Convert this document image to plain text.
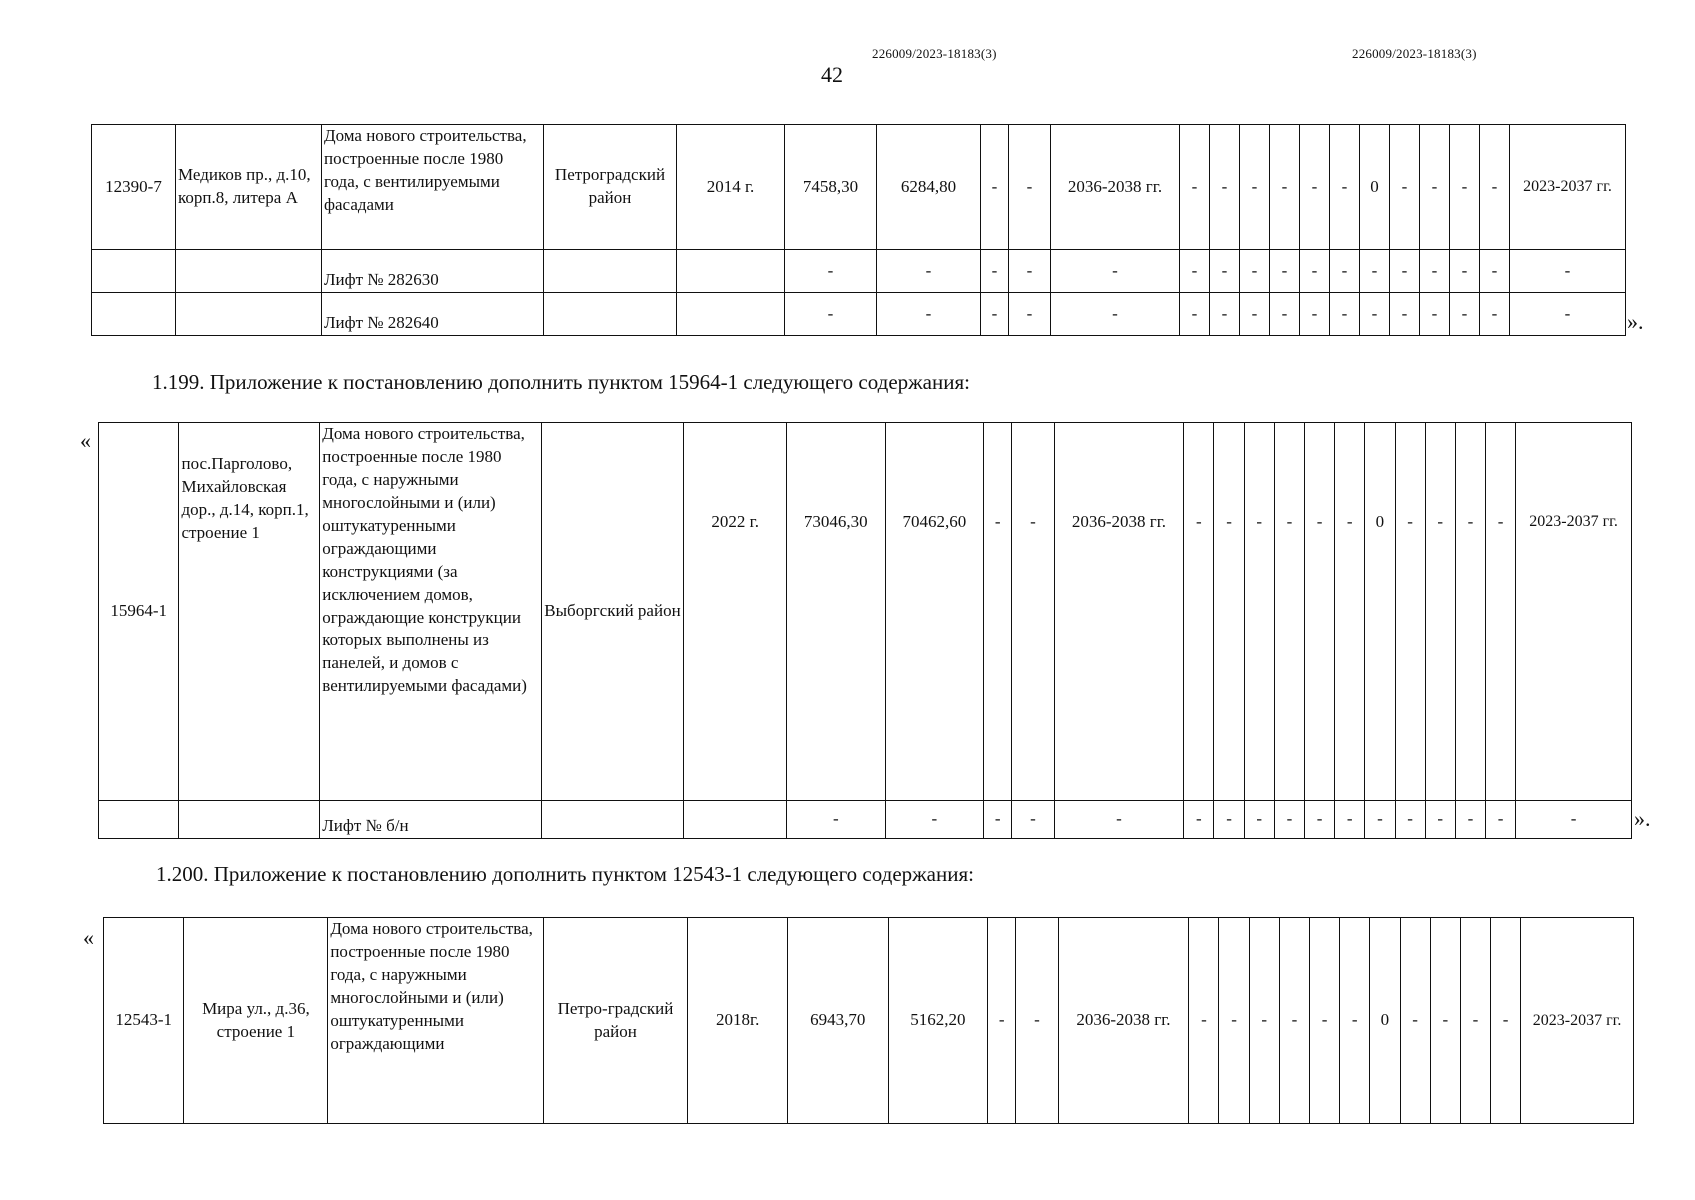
226009/2023-18183(3)	226009/2023-18183(3)
42
12390-7	Медиков пр., д.10, корп.8, литера А	Дома нового строительства, построенные после 1980 года, с вентилируемыми фасадами	Петроградский район	2014 г.	7458,30	6284,80	-	-	2036-2038 гг.	-	-	-	-	-	-	0	-	-	-	-	2023-2037 гг.
		Лифт № 282630			-	-	-	-	-	-	-	-	-	-	-	-	-	-	-	-	-
		Лифт № 282640			-	-	-	-	-	-	-	-	-	-	-	-	-	-	-	-	-	».
1.199. Приложение к постановлению дополнить пунктом 15964-1 следующего содержания:
«
15964-1	пос.Парголово, Михайловская дор., д.14, корп.1, строение 1	Дома нового строительства, построенные после 1980 года, с наружными многослойными и (или) оштукатуренными ограждающими конструкциями (за исключением домов, ограждающие конструкции которых выполнены из панелей, и домов с вентилируемыми фасадами)	Выборгский район	2022 г.	73046,30	70462,60	-	-	2036-2038 гг.	-	-	-	-	-	-	0	-	-	-	-	2023-2037 гг.
		Лифт № б/н			-	-	-	-	-	-	-	-	-	-	-	-	-	-	-	-	-	».
1.200. Приложение к постановлению дополнить пунктом 12543-1 следующего содержания:
«
12543-1	Мира ул., д.36, строение 1	Дома нового строительства, построенные после 1980 года, с наружными многослойными и (или) оштукатуренными ограждающими	Петро-градский район	2018г.	6943,70	5162,20	-	-	2036-2038 гг.	-	-	-	-	-	-	0	-	-	-	-	2023-2037 гг.
